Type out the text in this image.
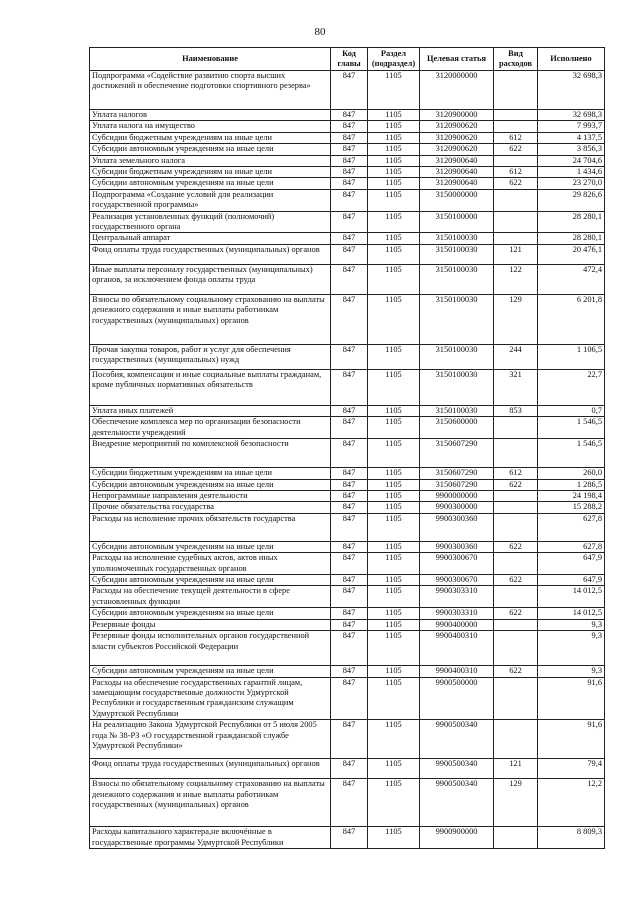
80
Наименование	Код главы	Раздел (подраздел)	Целевая статья	Вид расходов	Исполнено
Подпрограмма «Содействие развитию спорта высших достижений и обеспечение подготовки спортивного резерва»	847	1105	3120000000		32 698,3
Уплата налогов	847	1105	3120900000		32 698,3
Уплата налога на имущество	847	1105	3120900620		7 993,7
Субсидии бюджетным учреждениям на иные цели	847	1105	3120900620	612	4 137,5
Субсидии автономным учреждениям на иные цели	847	1105	3120900620	622	3 856,3
Уплата земельного налога	847	1105	3120900640		24 704,6
Субсидии бюджетным учреждениям на иные цели	847	1105	3120900640	612	1 434,6
Субсидии автономным учреждениям на иные цели	847	1105	3120900640	622	23 270,0
Подпрограмма «Создание условий для реализации государственной программы»	847	1105	3150000000		29 826,6
Реализация установленных функций (полномочий) государственного органа	847	1105	3150100000		28 280,1
Центральный аппарат	847	1105	3150100030		28 280,1
Фонд оплаты труда государственных (муниципальных) органов	847	1105	3150100030	121	20 476,1
Иные выплаты персоналу государственных (муниципальных) органов, за исключением фонда оплаты труда	847	1105	3150100030	122	472,4
Взносы по обязательному социальному страхованию на выплаты денежного содержания и иные выплаты работникам государственных (муниципальных) органов	847	1105	3150100030	129	6 201,8
Прочая закупка товаров, работ и услуг для обеспечения государственных (муниципальных) нужд	847	1105	3150100030	244	1 106,5
Пособия, компенсации и иные социальные выплаты гражданам, кроме публичных нормативных обязательств	847	1105	3150100030	321	22,7
Уплата иных платежей	847	1105	3150100030	853	0,7
Обеспечение комплекса мер по организации безопасности деятельности учреждений	847	1105	3150600000		1 546,5
Внедрение мероприятий по комплексной безопасности	847	1105	3150607290		1 546,5
Субсидии бюджетным учреждениям на иные цели	847	1105	3150607290	612	260,0
Субсидии автономным учреждениям на иные цели	847	1105	3150607290	622	1 286,5
Непрограммные направления деятельности	847	1105	9900000000		24 198,4
Прочие обязательства государства	847	1105	9900300000		15 288,2
Расходы на исполнение прочих обязательств государства	847	1105	9900300360		627,8
Субсидии автономным учреждениям на иные цели	847	1105	9900300360	622	627,8
Расходы на исполнение судебных актов, актов иных уполномоченных государственных органов	847	1105	9900300670		647,9
Субсидии автономным учреждениям на иные цели	847	1105	9900300670	622	647,9
Расходы на обеспечение текущей деятельности в сфере установленных функции	847	1105	9900303310		14 012,5
Субсидии автономным учреждениям на иные цели	847	1105	9900303310	622	14 012,5
Резервные фонды	847	1105	9900400000		9,3
Резервные фонды исполнительных органов государственной власти субъектов Российской Федерации	847	1105	9900400310		9,3
Субсидии автономным учреждениям на иные цели	847	1105	9900400310	622	9,3
Расходы на обеспечение государственных гарантий лицам, замещающим государственные должности Удмуртской Республики и государственным гражданским служащим Удмуртской Республики	847	1105	9900500000		91,6
На реализацию Закона Удмуртской Республики от 5 июля 2005 года № 38-РЗ «О государственной гражданской службе Удмуртской Республики»	847	1105	9900500340		91,6
Фонд оплаты труда государственных (муниципальных) органов	847	1105	9900500340	121	79,4
Взносы по обязательному социальному страхованию на выплаты денежного содержания и иные выплаты работникам государственных (муниципальных) органов	847	1105	9900500340	129	12,2
Расходы капитального характера,не включённые в государственные программы Удмуртской Республики	847	1105	9900900000		8 809,3
